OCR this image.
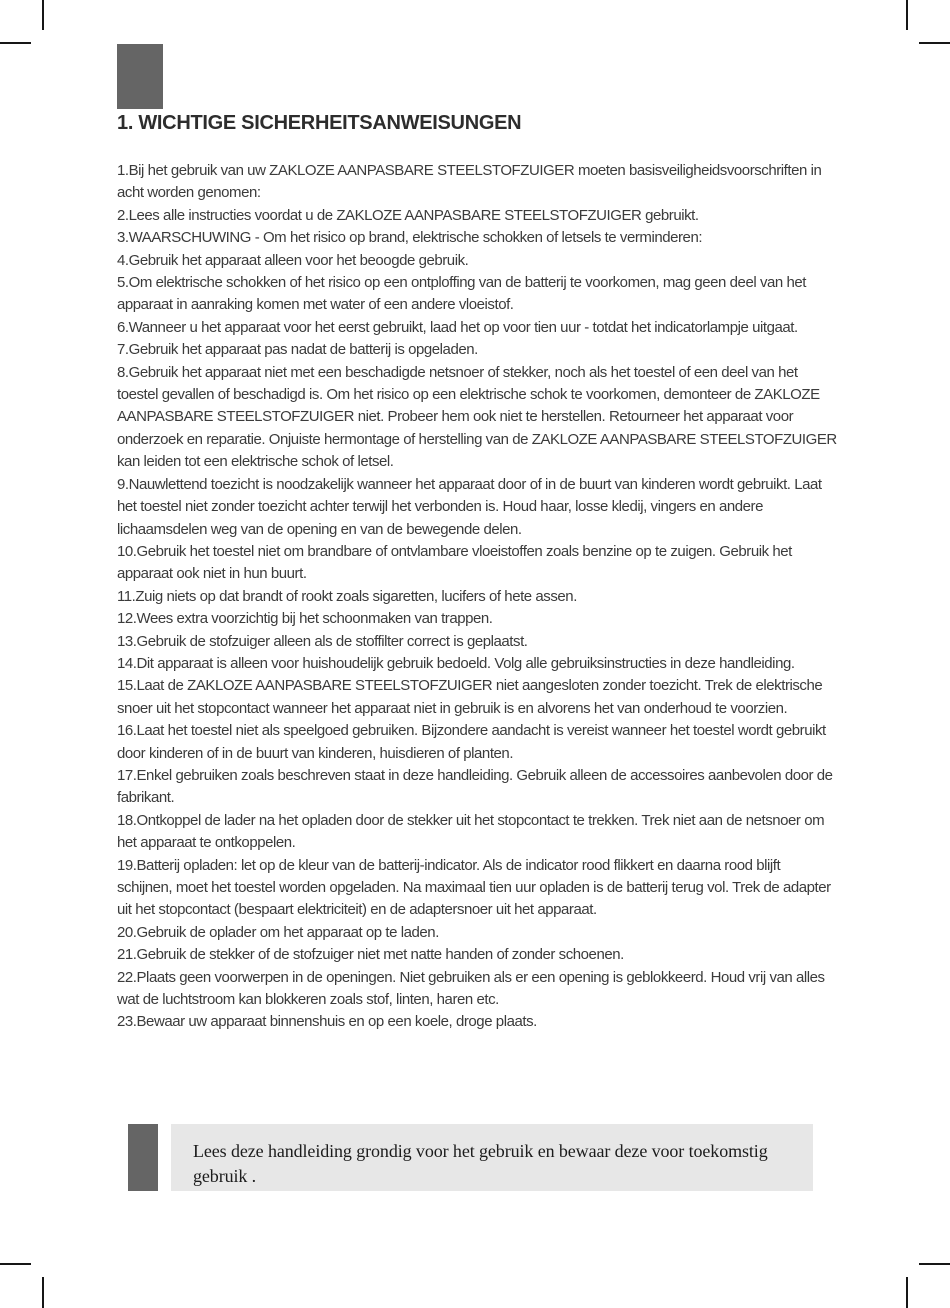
1. WICHTIGE SICHERHEITSANWEISUNGEN

1.Bij het gebruik van uw ZAKLOZE AANPASBARE STEELSTOFZUIGER moeten basisveiligheidsvoorschriften in acht worden genomen:

2.Lees alle instructies voordat u de ZAKLOZE AANPASBARE STEELSTOFZUIGER gebruikt.

3.WAARSCHUWING - Om het risico op brand, elektrische schokken of letsels te verminderen:

4.Gebruik het apparaat alleen voor het beoogde gebruik.

5.Om elektrische schokken of het risico op een ontploffing van de batterij te voorkomen, mag geen deel van het apparaat in aanraking komen met water of een andere vloeistof.

6.Wanneer u het apparaat voor het eerst gebruikt, laad het op voor tien uur - totdat het indicatorlampje uitgaat.

7.Gebruik het apparaat pas nadat de batterij is opgeladen.

8.Gebruik het apparaat niet met een beschadigde netsnoer of stekker, noch als het toestel of een deel van het toestel gevallen of beschadigd is. Om het risico op een elektrische schok te voorkomen, demonteer de ZAKLOZE AANPASBARE STEELSTOFZUIGER niet. Probeer hem ook niet te herstellen. Retourneer het apparaat voor onderzoek en reparatie. Onjuiste hermontage of herstelling van de ZAKLOZE AANPASBARE STEELSTOFZUIGER kan leiden tot een elektrische schok of letsel.

9.Nauwlettend toezicht is noodzakelijk wanneer het apparaat door of in de buurt van kinderen wordt gebruikt. Laat het toestel niet zonder toezicht achter terwijl het verbonden is. Houd haar, losse kledij, vingers en andere lichaamsdelen weg van de opening en van de bewegende delen.

10.Gebruik het toestel niet om brandbare of ontvlambare vloeistoffen zoals benzine op te zuigen. Gebruik het apparaat ook niet in hun buurt.

11.Zuig niets op dat brandt of rookt zoals sigaretten, lucifers of hete assen.

12.Wees extra voorzichtig bij het schoonmaken van trappen.

13.Gebruik de stofzuiger alleen als de stoffilter correct is geplaatst.

14.Dit apparaat is alleen voor huishoudelijk gebruik bedoeld. Volg alle gebruiksinstructies in deze handleiding.

15.Laat de ZAKLOZE AANPASBARE STEELSTOFZUIGER niet aangesloten zonder toezicht. Trek de elektrische snoer uit het stopcontact wanneer het apparaat niet in gebruik is en alvorens het van onderhoud te voorzien.

16.Laat het toestel niet als speelgoed gebruiken. Bijzondere aandacht is vereist wanneer het toestel wordt gebruikt door kinderen of in de buurt van kinderen, huisdieren of planten.

17.Enkel gebruiken zoals beschreven staat in deze handleiding. Gebruik alleen de accessoires aanbevolen door de fabrikant.

18.Ontkoppel de lader na het opladen door de stekker uit het stopcontact te trekken. Trek niet aan de netsnoer om het apparaat te ontkoppelen.

19.Batterij opladen: let op de kleur van de batterij-indicator. Als de indicator rood flikkert en daarna rood blijft schijnen, moet het toestel worden opgeladen. Na maximaal tien uur opladen is de batterij terug vol. Trek de adapter uit het stopcontact (bespaart elektriciteit) en de adaptersnoer uit het apparaat.

20.Gebruik de oplader om het apparaat op te laden.

21.Gebruik de stekker of de stofzuiger niet met natte handen of zonder schoenen.

22.Plaats geen voorwerpen in de openingen. Niet gebruiken als er een opening is geblokkeerd. Houd vrij van alles wat de luchtstroom kan blokkeren zoals stof, linten, haren etc.

23.Bewaar uw apparaat binnenshuis en op een koele, droge plaats.

Lees deze handleiding grondig voor het gebruik en bewaar deze voor toekomstig gebruik .
